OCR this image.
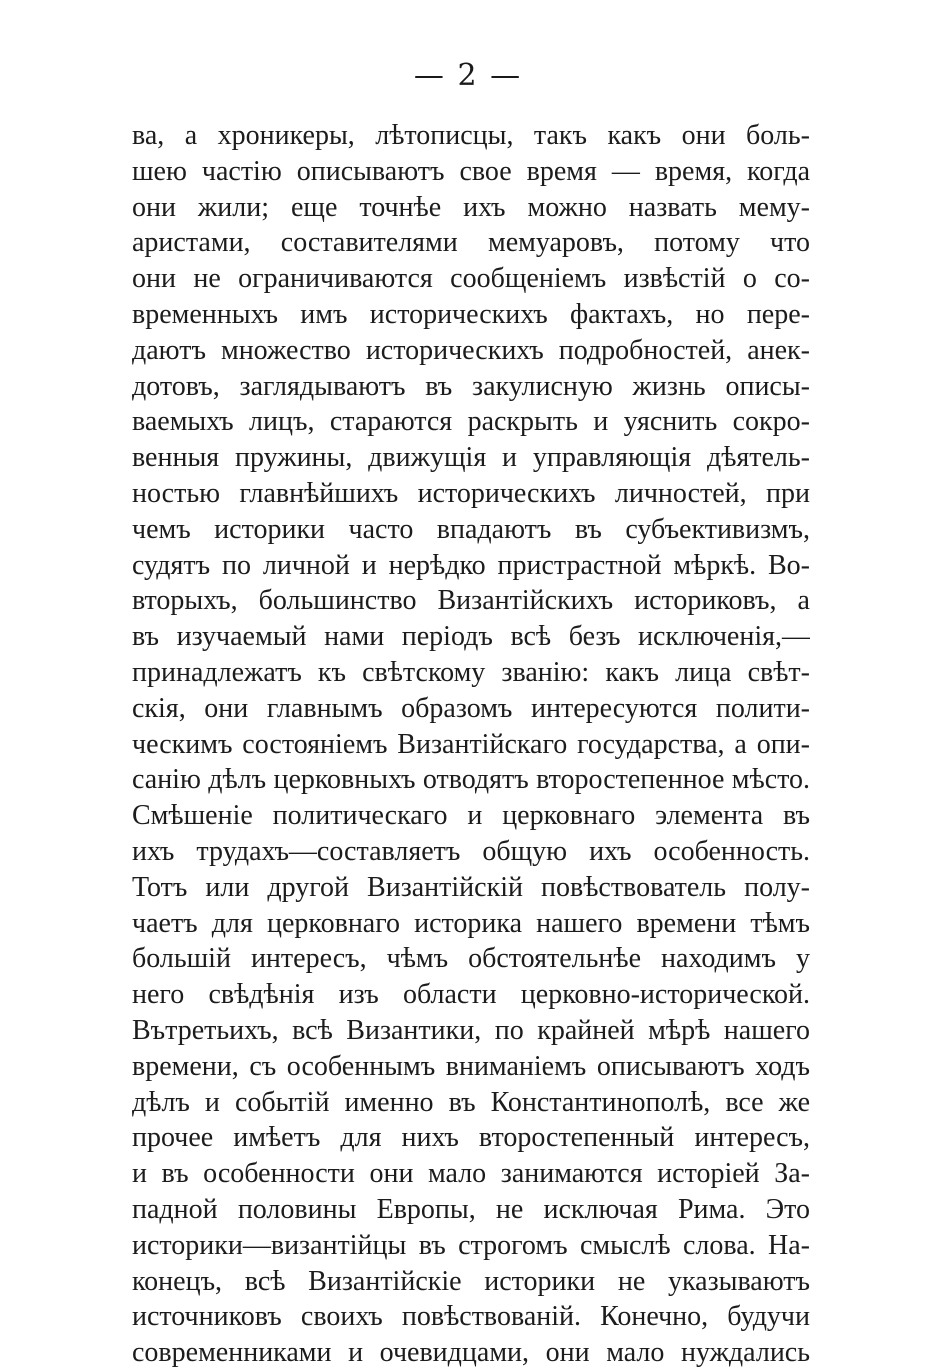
— 2 —
ва, а хроникеры, лѣтописцы, такъ какъ они боль-
шею частію описываютъ свое время — время, когда
они жили; еще точнѣе ихъ можно назвать мему-
аристами, составителями мемуаровъ, потому что
они не ограничиваются сообщеніемъ извѣстій о со-
временныхъ имъ историческихъ фактахъ, но пере-
даютъ множество историческихъ подробностей, анек-
дотовъ, заглядываютъ въ закулисную жизнь описы-
ваемыхъ лицъ, стараются раскрыть и уяснить сокро-
венныя пружины, движущія и управляющія дѣятель-
ностью главнѣйшихъ историческихъ личностей, при
чемъ историки часто впадаютъ въ субъективизмъ,
судятъ по личной и нерѣдко пристрастной мѣркѣ. Во-
вторыхъ, большинство Византійскихъ историковъ, а
въ изучаемый нами періодъ всѣ безъ исключенія,—
принадлежатъ къ свѣтскому званію: какъ лица свѣт-
скія, они главнымъ образомъ интересуются полити-
ческимъ состояніемъ Византійскаго государства, а опи-
санію дѣлъ церковныхъ отводятъ второстепенное мѣсто.
Смѣшеніе политическаго и церковнаго элемента въ
ихъ трудахъ—составляетъ общую ихъ особенность.
Тотъ или другой Византійскій повѣствователь полу-
чаетъ для церковнаго историка нашего времени тѣмъ
большій интересъ, чѣмъ обстоятельнѣе находимъ у
него свѣдѣнія изъ области церковно-исторической.
Вътретьихъ, всѣ Византики, по крайней мѣрѣ нашего
времени, съ особеннымъ вниманіемъ описываютъ ходъ
дѣлъ и событій именно въ Константинополѣ, все же
прочее имѣетъ для нихъ второстепенный интересъ,
и въ особенности они мало занимаются исторіей За-
падной половины Европы, не исключая Рима. Это
историки—византійцы въ строгомъ смыслѣ слова. На-
конецъ, всѣ Византійскіе историки не указываютъ
источниковъ своихъ повѣствованій. Конечно, будучи
современниками и очевидцами, они мало нуждались
